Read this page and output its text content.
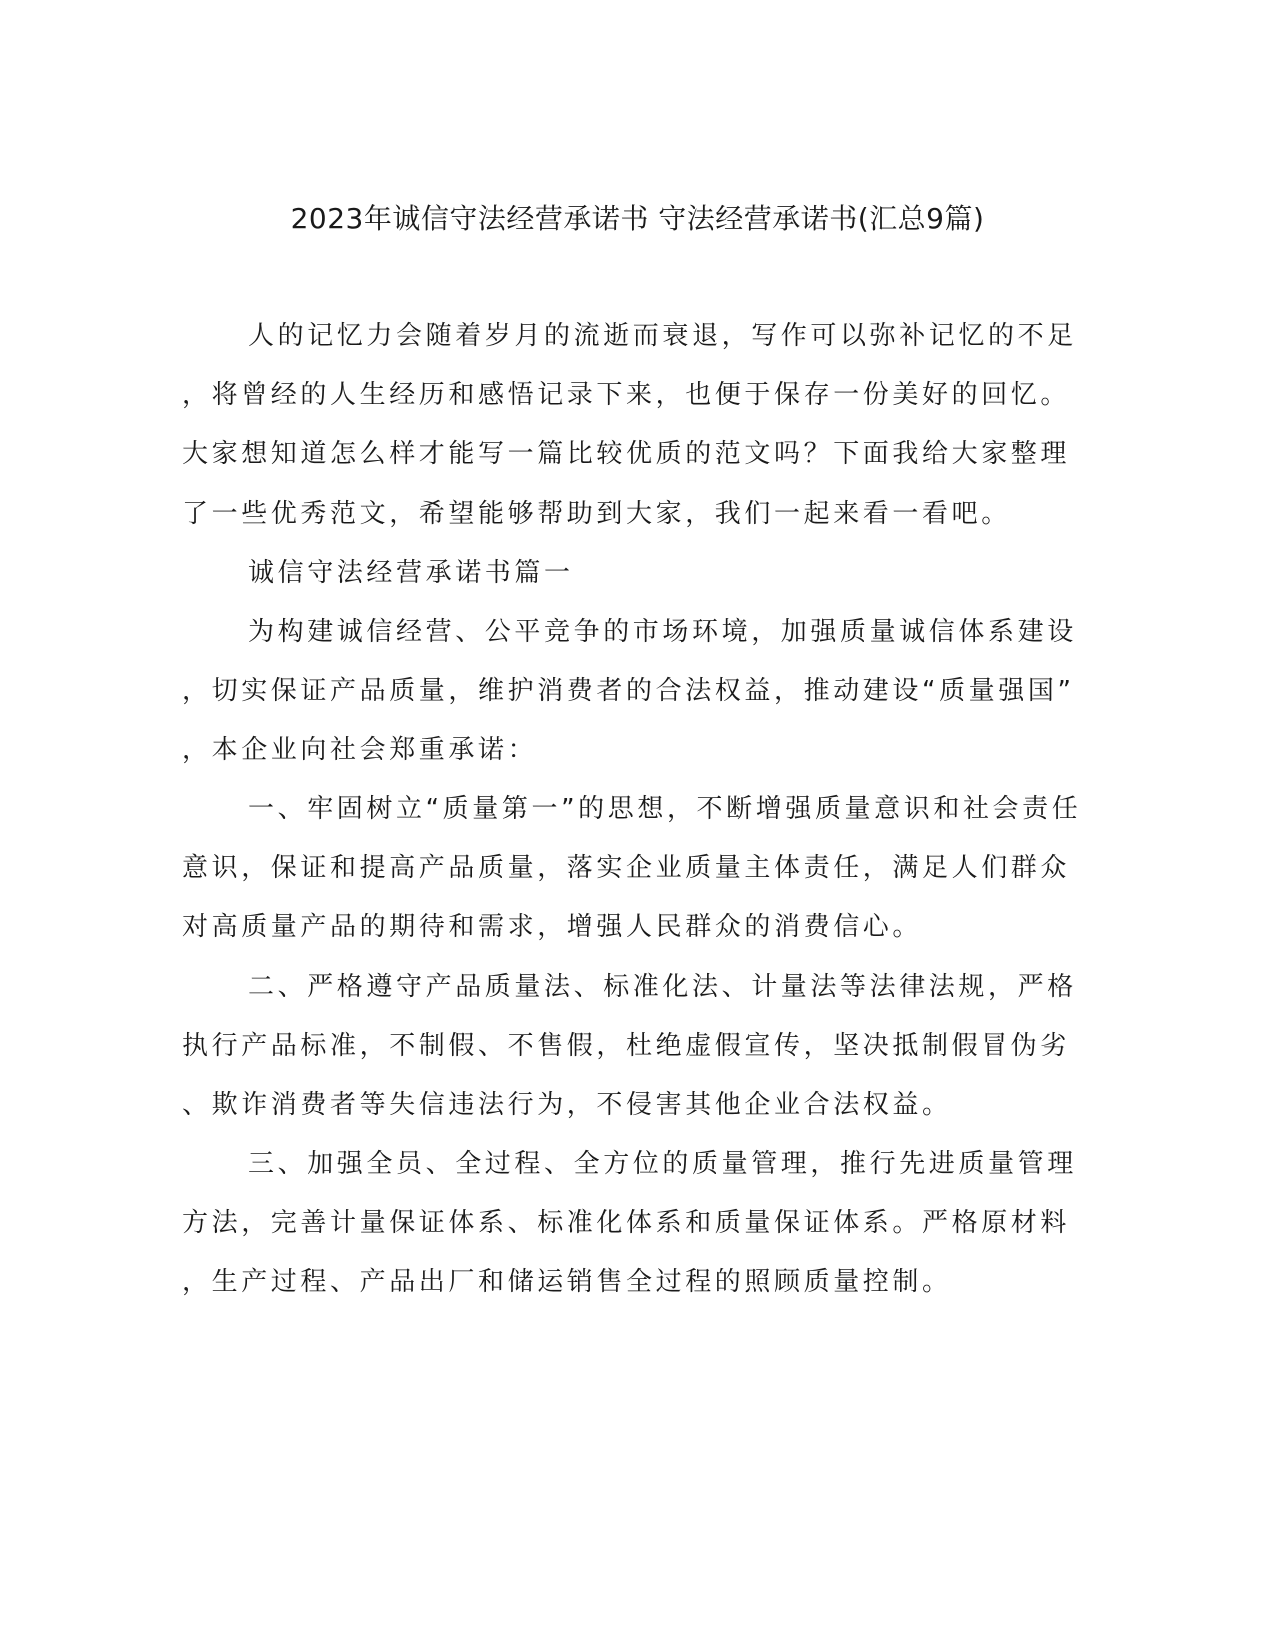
2023年诚信守法经营承诺书 守法经营承诺书(汇总9篇)
人的记忆力会随着岁月的流逝而衰退，写作可以弥补记忆的不足
，将曾经的人生经历和感悟记录下来，也便于保存一份美好的回忆。
大家想知道怎么样才能写一篇比较优质的范文吗？下面我给大家整理
了一些优秀范文，希望能够帮助到大家，我们一起来看一看吧。
诚信守法经营承诺书篇一
为构建诚信经营、公平竞争的市场环境，加强质量诚信体系建设
，切实保证产品质量，维护消费者的合法权益，推动建设“质量强国”
，本企业向社会郑重承诺：
一、牢固树立“质量第一”的思想，不断增强质量意识和社会责任
意识，保证和提高产品质量，落实企业质量主体责任，满足人们群众
对高质量产品的期待和需求，增强人民群众的消费信心。
二、严格遵守产品质量法、标准化法、计量法等法律法规，严格
执行产品标准，不制假、不售假，杜绝虚假宣传，坚决抵制假冒伪劣
、欺诈消费者等失信违法行为，不侵害其他企业合法权益。
三、加强全员、全过程、全方位的质量管理，推行先进质量管理
方法，完善计量保证体系、标准化体系和质量保证体系。严格原材料
，生产过程、产品出厂和储运销售全过程的照顾质量控制。
